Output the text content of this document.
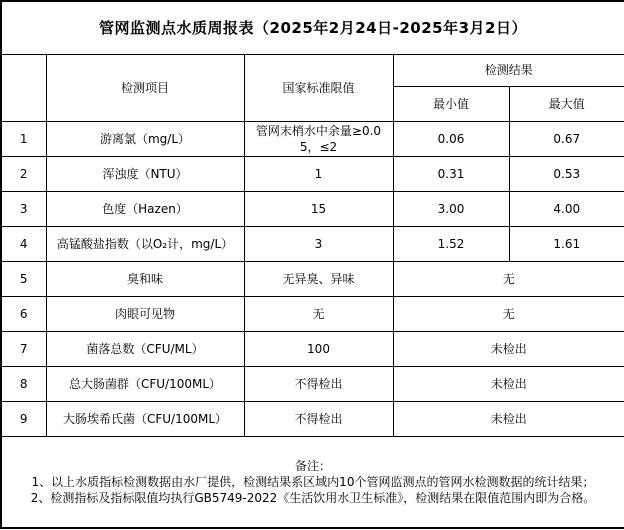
管网监测点水质周报表（2025年2月24日-2025年3月2日）				
	检测项目	国家标准限值	检测结果	
			最小值	最大值
1	游离氯（mg/L）	管网末梢水中余量≥0.05，≤2	0.06	0.67
2	浑浊度（NTU）	1	0.31	0.53
3	色度（Hazen）	15	3.00	4.00
4	高锰酸盐指数（以O₂计，mg/L）	3	1.52	1.61
5	臭和味	无异臭、异味	无	
6	肉眼可见物	无	无	
7	菌落总数（CFU/ML）	100	未检出	
8	总大肠菌群（CFU/100ML）	不得检出	未检出	
9	大肠埃希氏菌（CFU/100ML）	不得检出	未检出	

备注：
1、以上水质指标检测数据由水厂提供，检测结果系区域内10个管网监测点的管网水检测数据的统计结果；
2、检测指标及指标限值均执行GB5749-2022《生活饮用水卫生标准》，检测结果在限值范围内即为合格。				
